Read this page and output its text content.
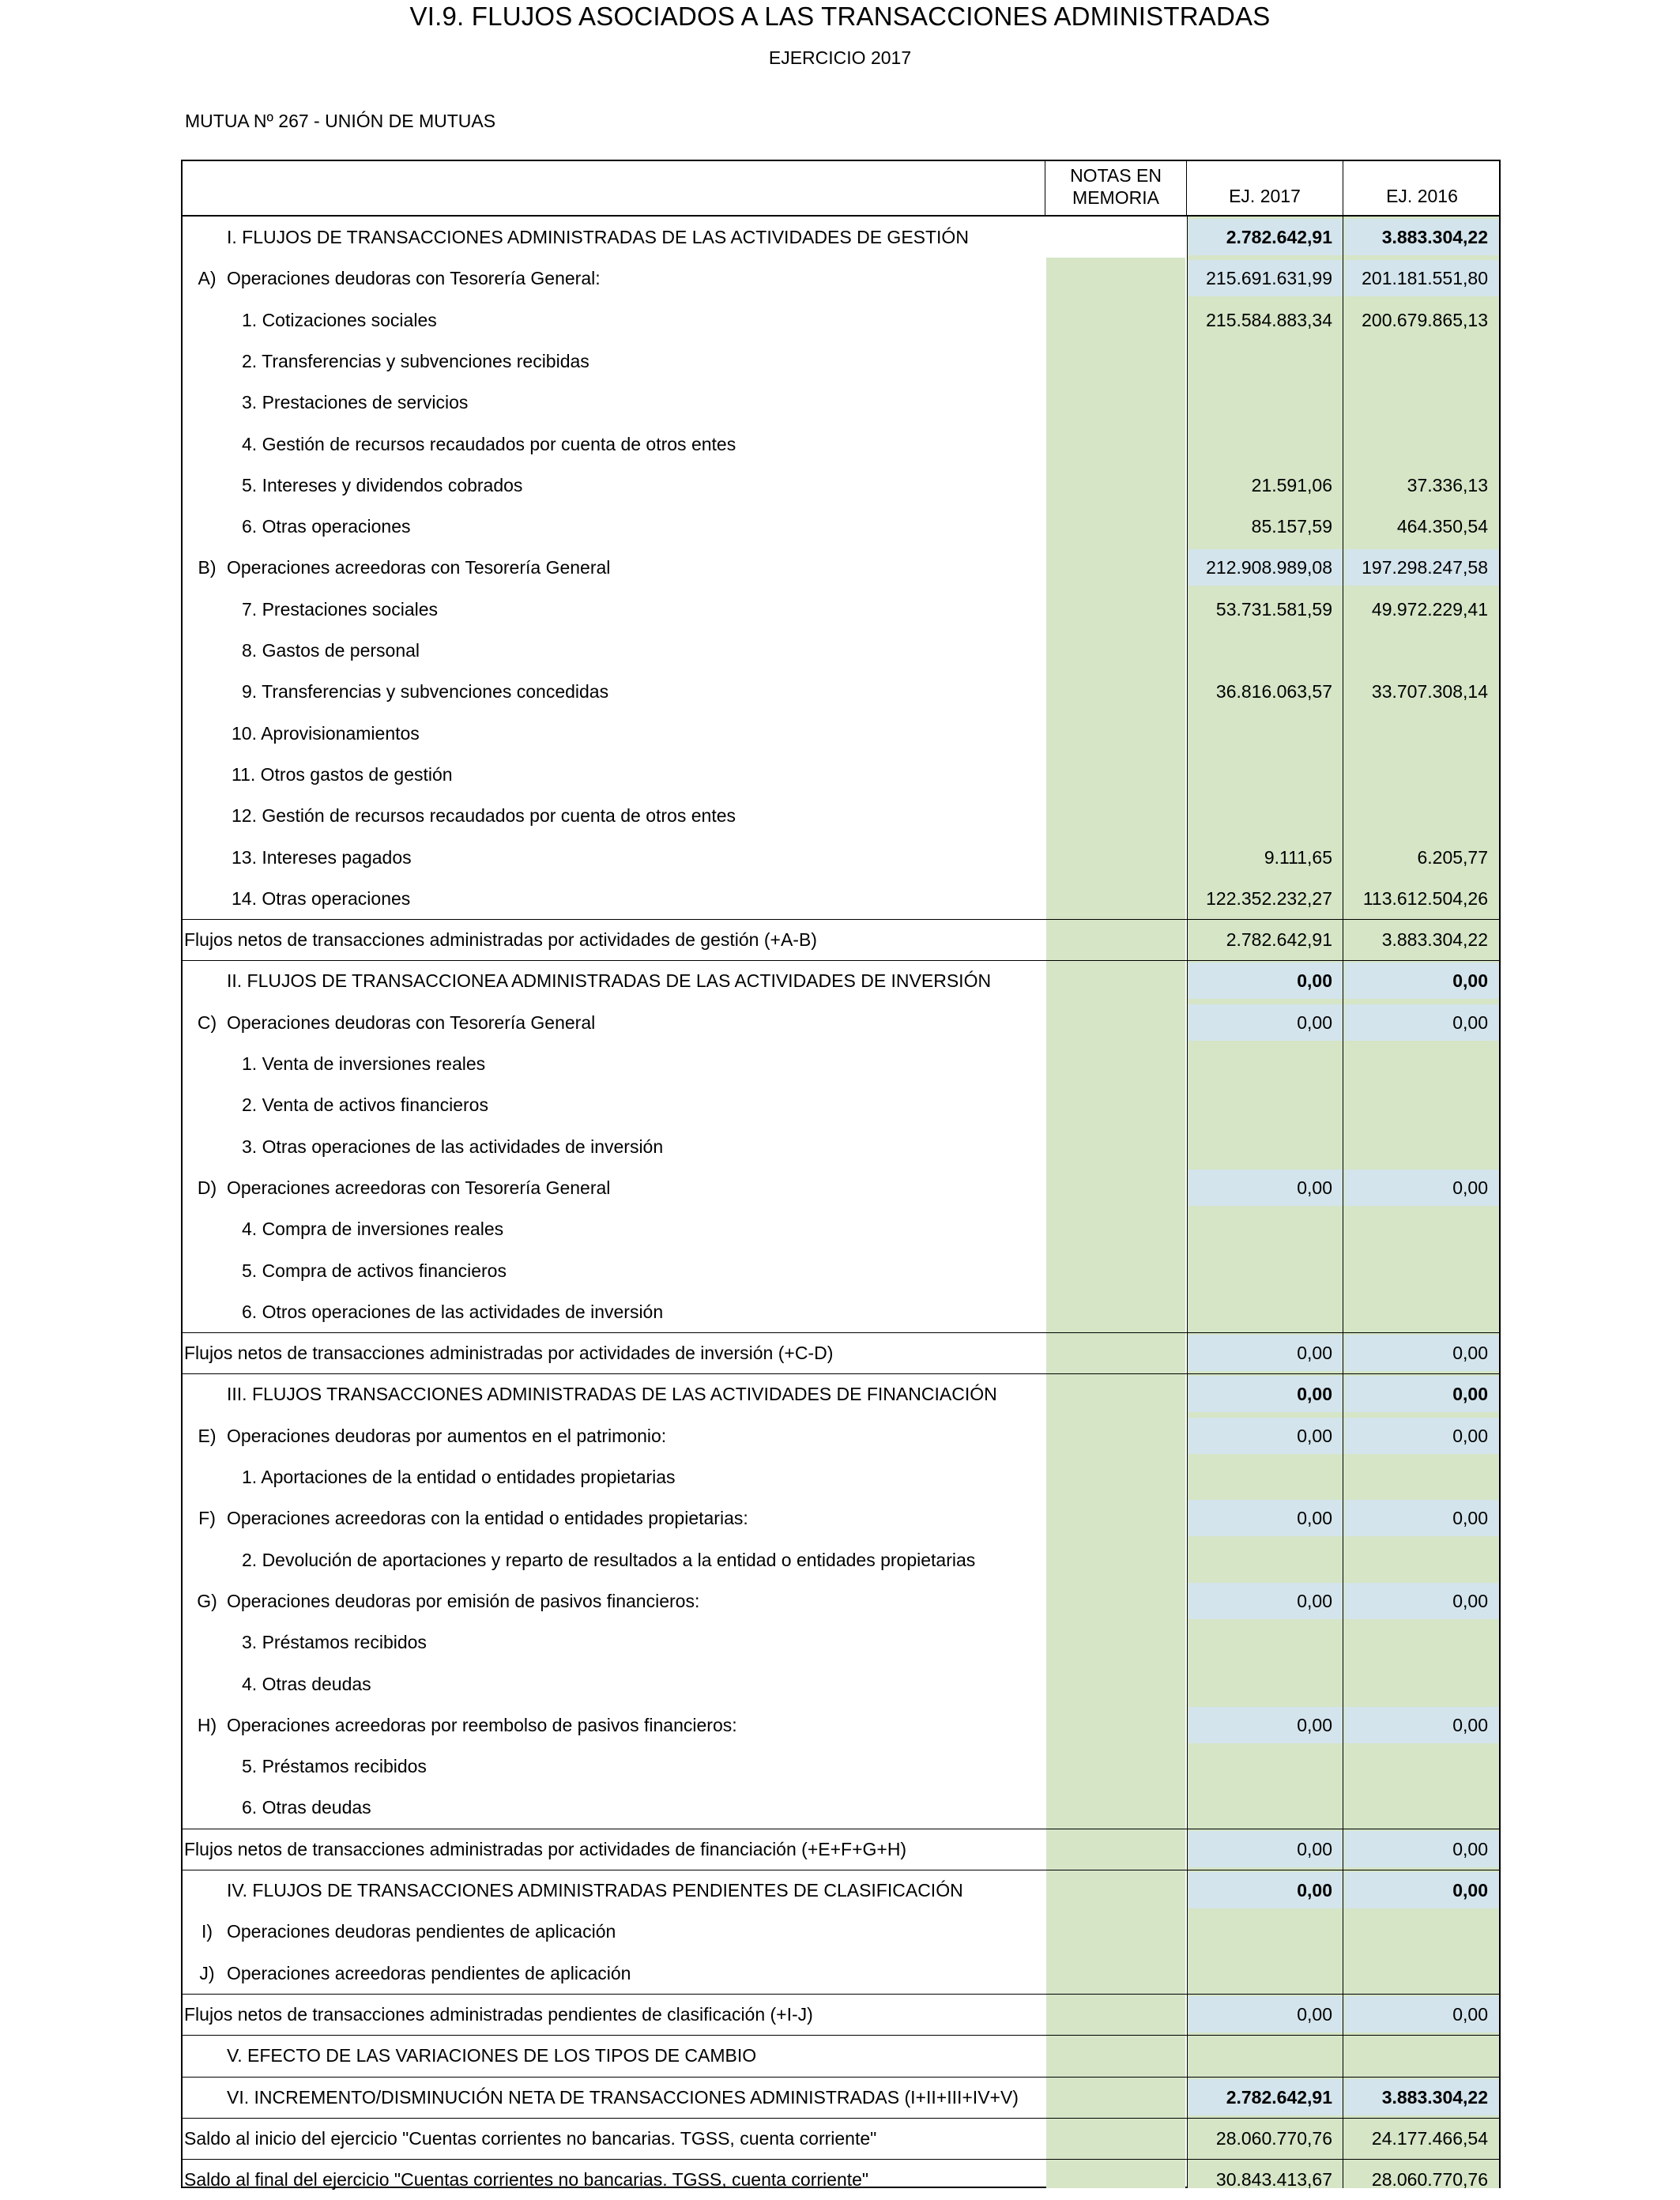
VI.9. FLUJOS ASOCIADOS A LAS TRANSACCIONES ADMINISTRADAS
EJERCICIO 2017
MUTUA Nº 267 - UNIÓN DE MUTUAS
NOTAS EN MEMORIA	EJ. 2017	EJ. 2016
I. FLUJOS DE TRANSACCIONES ADMINISTRADAS DE LAS ACTIVIDADES DE GESTIÓN	2.782.642,91	3.883.304,22
A) Operaciones deudoras con Tesorería General:	215.691.631,99	201.181.551,80
1. Cotizaciones sociales	215.584.883,34	200.679.865,13
2. Transferencias y subvenciones recibidas
3. Prestaciones de servicios
4. Gestión de recursos recaudados por cuenta de otros entes
5. Intereses y dividendos cobrados	21.591,06	37.336,13
6. Otras operaciones	85.157,59	464.350,54
B) Operaciones acreedoras con Tesorería General	212.908.989,08	197.298.247,58
7. Prestaciones sociales	53.731.581,59	49.972.229,41
8. Gastos de personal
9. Transferencias y subvenciones concedidas	36.816.063,57	33.707.308,14
10. Aprovisionamientos
11. Otros gastos de gestión
12. Gestión de recursos recaudados por cuenta de otros entes
13. Intereses pagados	9.111,65	6.205,77
14. Otras operaciones	122.352.232,27	113.612.504,26
Flujos netos de transacciones administradas por actividades de gestión (+A-B)	2.782.642,91	3.883.304,22
II. FLUJOS DE TRANSACCIONEA ADMINISTRADAS DE LAS ACTIVIDADES DE INVERSIÓN	0,00	0,00
C) Operaciones deudoras con Tesorería General	0,00	0,00
1. Venta de inversiones reales
2. Venta de activos financieros
3. Otras operaciones de las actividades de inversión
D) Operaciones acreedoras con Tesorería General	0,00	0,00
4. Compra de inversiones reales
5. Compra de activos financieros
6. Otros operaciones de las actividades de inversión
Flujos netos de transacciones administradas por actividades de inversión (+C-D)	0,00	0,00
III. FLUJOS TRANSACCIONES ADMINISTRADAS DE LAS ACTIVIDADES DE FINANCIACIÓN	0,00	0,00
E) Operaciones deudoras por aumentos en el patrimonio:	0,00	0,00
1. Aportaciones de la entidad o entidades propietarias
F) Operaciones acreedoras con la entidad o entidades propietarias:	0,00	0,00
2. Devolución de aportaciones y reparto de resultados a la entidad o entidades propietarias
G) Operaciones deudoras por emisión de pasivos financieros:	0,00	0,00
3. Préstamos recibidos
4. Otras deudas
H) Operaciones acreedoras por reembolso de pasivos financieros:	0,00	0,00
5. Préstamos recibidos
6. Otras deudas
Flujos netos de transacciones administradas por actividades de financiación (+E+F+G+H)	0,00	0,00
IV. FLUJOS DE TRANSACCIONES ADMINISTRADAS PENDIENTES DE CLASIFICACIÓN	0,00	0,00
I) Operaciones deudoras pendientes de aplicación
J) Operaciones acreedoras pendientes de aplicación
Flujos netos de transacciones administradas pendientes de clasificación (+I-J)	0,00	0,00
V. EFECTO DE LAS VARIACIONES DE LOS TIPOS DE CAMBIO
VI. INCREMENTO/DISMINUCIÓN NETA DE TRANSACCIONES ADMINISTRADAS (I+II+III+IV+V)	2.782.642,91	3.883.304,22
Saldo al inicio del ejercicio "Cuentas corrientes no bancarias. TGSS, cuenta corriente"	28.060.770,76	24.177.466,54
Saldo al final del ejercicio "Cuentas corrientes no bancarias. TGSS, cuenta corriente"	30.843.413,67	28.060.770,76
